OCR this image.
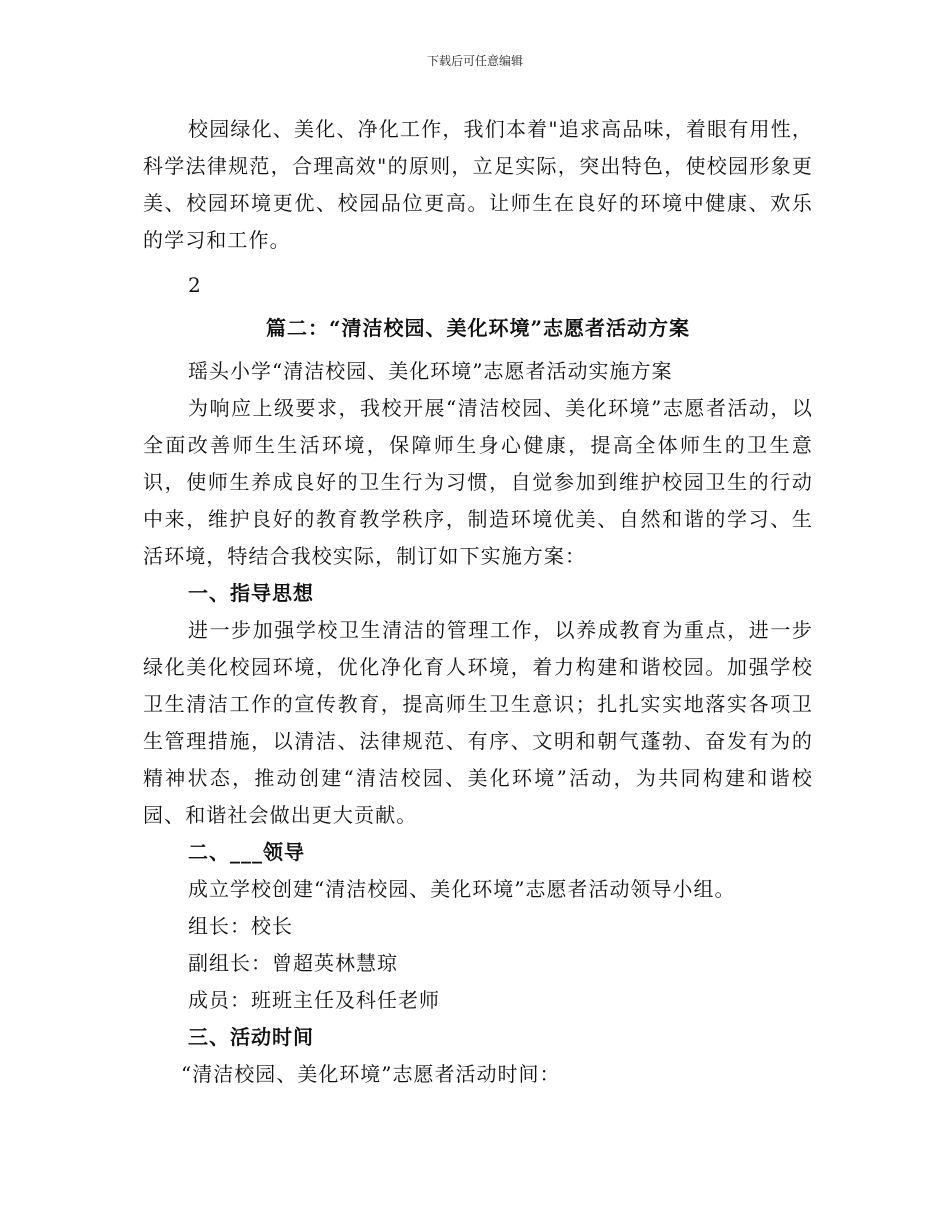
下载后可任意编辑

校园绿化、美化、净化工作，我们本着"追求高品味，着眼有用性，科学法律规范，合理高效"的原则，立足实际，突出特色，使校园形象更美、校园环境更优、校园品位更高。让师生在良好的环境中健康、欢乐的学习和工作。

2
篇二：“清洁校园、美化环境”志愿者活动方案
瑶头小学“清洁校园、美化环境”志愿者活动实施方案

为响应上级要求，我校开展“清洁校园、美化环境”志愿者活动，以全面改善师生生活环境，保障师生身心健康，提高全体师生的卫生意识，使师生养成良好的卫生行为习惯，自觉参加到维护校园卫生的行动中来，维护良好的教育教学秩序，制造环境优美、自然和谐的学习、生活环境，特结合我校实际，制订如下实施方案：

一、指导思想

进一步加强学校卫生清洁的管理工作，以养成教育为重点，进一步绿化美化校园环境，优化净化育人环境，着力构建和谐校园。加强学校卫生清洁工作的宣传教育，提高师生卫生意识；扎扎实实地落实各项卫生管理措施，以清洁、法律规范、有序、文明和朝气蓬勃、奋发有为的精神状态，推动创建“清洁校园、美化环境”活动，为共同构建和谐校园、和谐社会做出更大贡献。

二、___领导
成立学校创建“清洁校园、美化环境”志愿者活动领导小组。
组长：校长
副组长：曾超英林慧琼
成员：班班主任及科任老师
三、活动时间
“清洁校园、美化环境”志愿者活动时间：
